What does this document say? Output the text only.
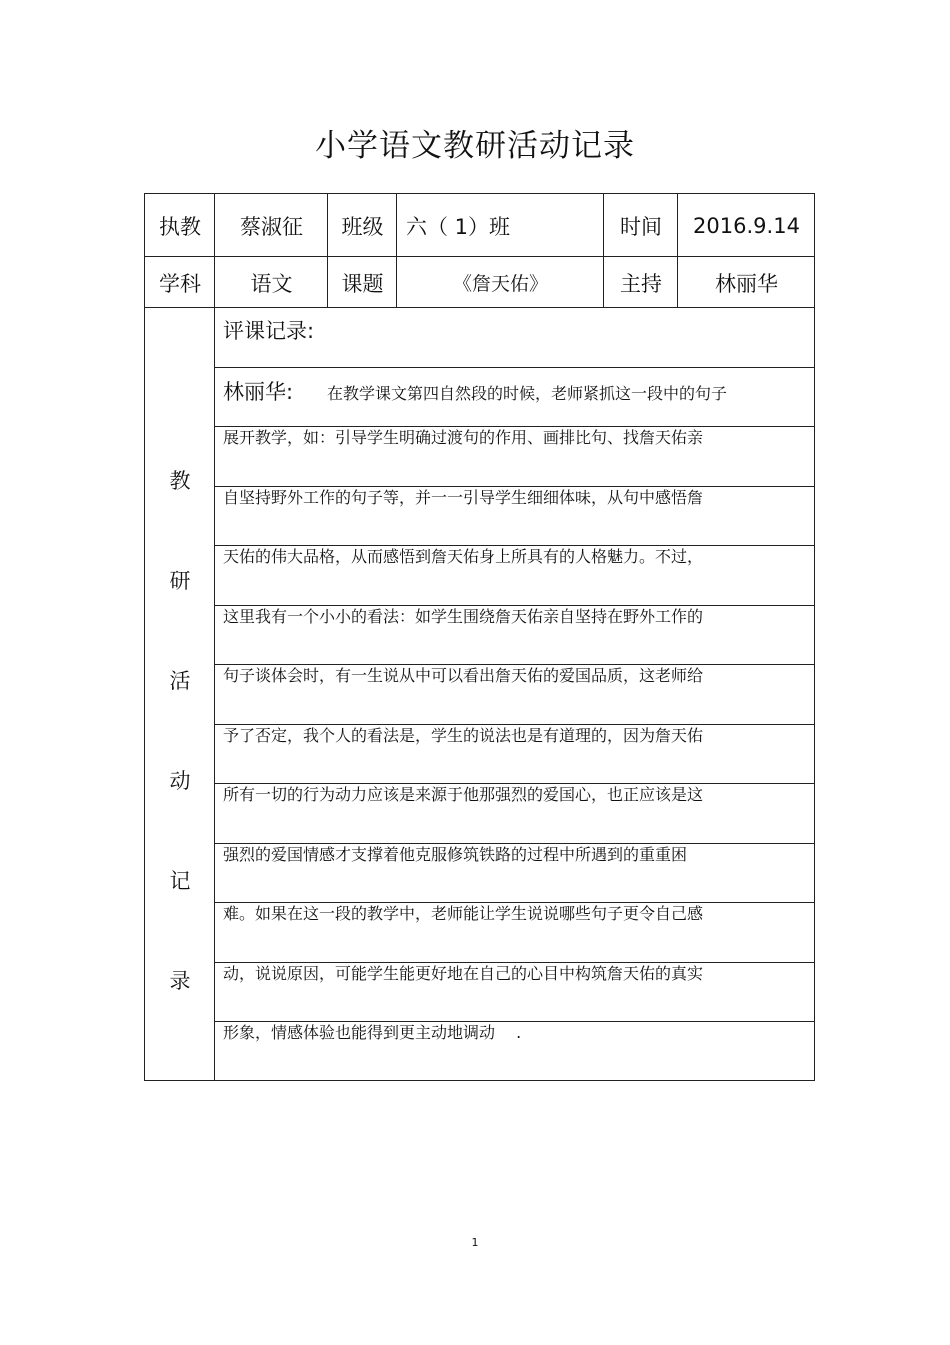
小学语文教研活动记录
执教	蔡淑征	班级	六（ 1）班	时间	2016.9.14
学科	语文	课题	《詹天佑》	主持	林丽华
教
研
活
动
记
录
评课记录:
林丽华: 在教学课文第四自然段的时候，老师紧抓这一段中的句子
展开教学，如：引导学生明确过渡句的作用、画排比句、找詹天佑亲
自坚持野外工作的句子等，并一一引导学生细细体味，从句中感悟詹
天佑的伟大品格，从而感悟到詹天佑身上所具有的人格魅力。不过，
这里我有一个小小的看法：如学生围绕詹天佑亲自坚持在野外工作的
句子谈体会时，有一生说从中可以看出詹天佑的爱国品质，这老师给
予了否定，我个人的看法是，学生的说法也是有道理的，因为詹天佑
所有一切的行为动力应该是来源于他那强烈的爱国心，也正应该是这
强烈的爱国情感才支撑着他克服修筑铁路的过程中所遇到的重重困
难。如果在这一段的教学中，老师能让学生说说哪些句子更令自己感
动，说说原因，可能学生能更好地在自己的心目中构筑詹天佑的真实
形象，情感体验也能得到更主动地调动　 .
1
